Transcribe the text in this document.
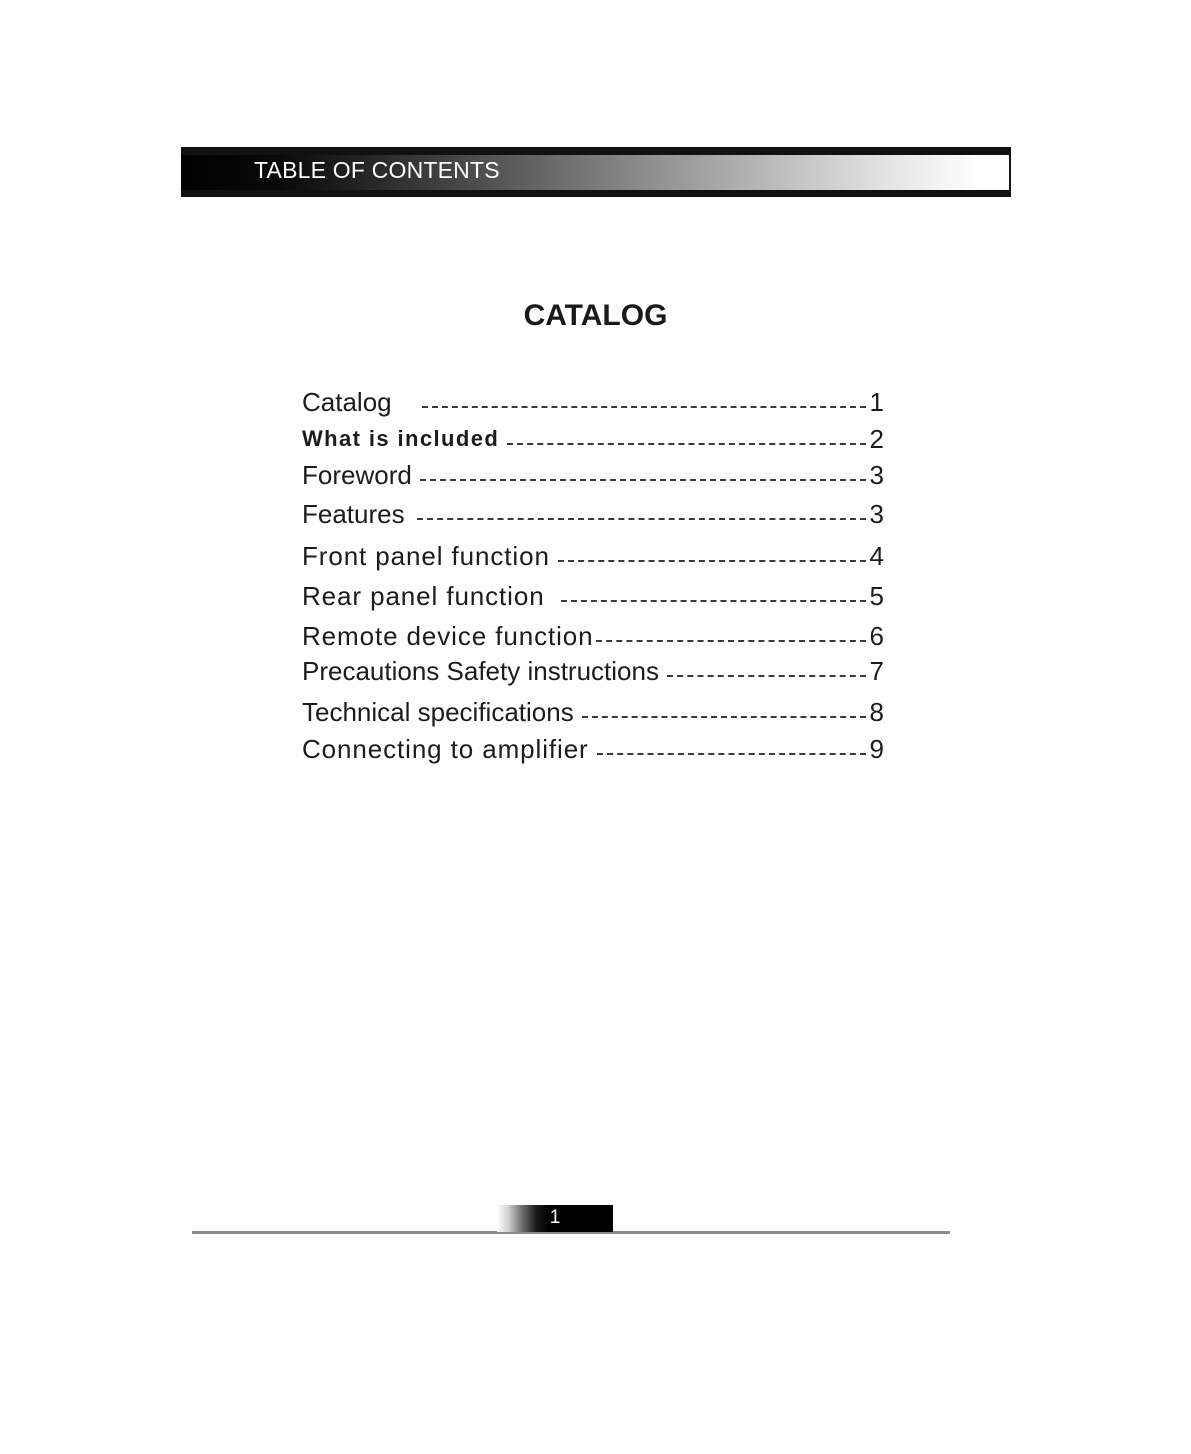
TABLE OF CONTENTS
CATALOG
Catalog	1
What is included	2
Foreword	3
Features	3
Front panel function	4
Rear panel function	5
Remote device function	6
Precautions Safety instructions	7
Technical specifications	8
Connecting to amplifier	9
1
